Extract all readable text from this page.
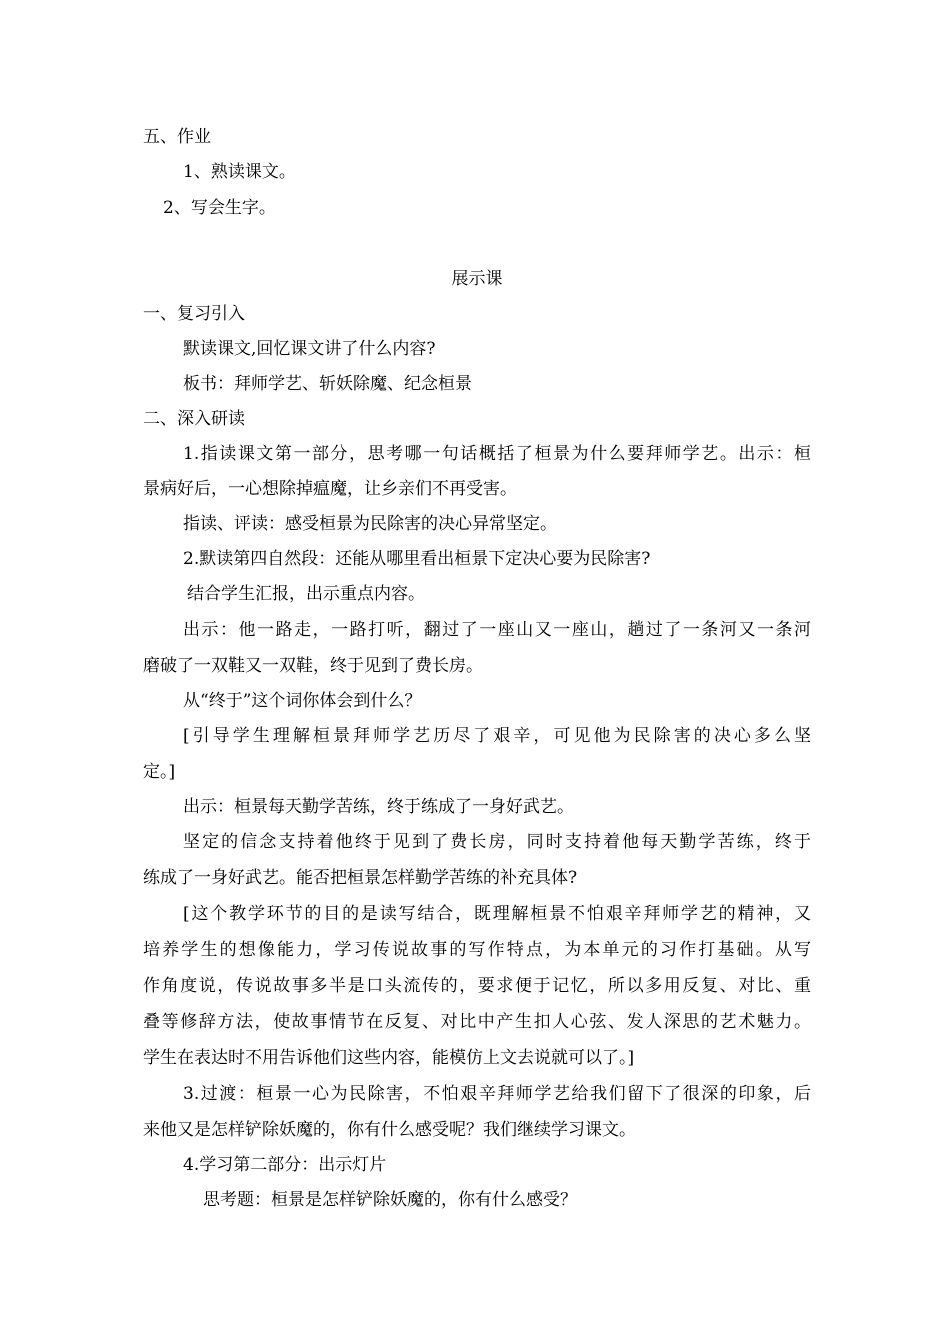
五、作业
1、熟读课文。
2、写会生字。
展示课
一、复习引入
默读课文,回忆课文讲了什么内容?
板书：拜师学艺、斩妖除魔、纪念桓景
二、深入研读
1.指读课文第一部分，思考哪一句话概括了桓景为什么要拜师学艺。出示：桓
景病好后，一心想除掉瘟魔，让乡亲们不再受害。
指读、评读：感受桓景为民除害的决心异常坚定。
2.默读第四自然段：还能从哪里看出桓景下定决心要为民除害?
结合学生汇报，出示重点内容。
出示：他一路走，一路打听，翻过了一座山又一座山，趟过了一条河又一条河
磨破了一双鞋又一双鞋，终于见到了费长房。
从“终于”这个词你体会到什么？
[引导学生理解桓景拜师学艺历尽了艰辛，可见他为民除害的决心多么坚
定。]
出示：桓景每天勤学苦练，终于练成了一身好武艺。
坚定的信念支持着他终于见到了费长房，同时支持着他每天勤学苦练，终于
练成了一身好武艺。能否把桓景怎样勤学苦练的补充具体?
[这个教学环节的目的是读写结合，既理解桓景不怕艰辛拜师学艺的精神，又
培养学生的想像能力，学习传说故事的写作特点，为本单元的习作打基础。从写
作角度说，传说故事多半是口头流传的，要求便于记忆，所以多用反复、对比、重
叠等修辞方法，使故事情节在反复、对比中产生扣人心弦、发人深思的艺术魅力。
学生在表达时不用告诉他们这些内容，能模仿上文去说就可以了。]
3.过渡：桓景一心为民除害，不怕艰辛拜师学艺给我们留下了很深的印象，后
来他又是怎样铲除妖魔的，你有什么感受呢？我们继续学习课文。
4.学习第二部分：出示灯片
思考题：桓景是怎样铲除妖魔的，你有什么感受？
